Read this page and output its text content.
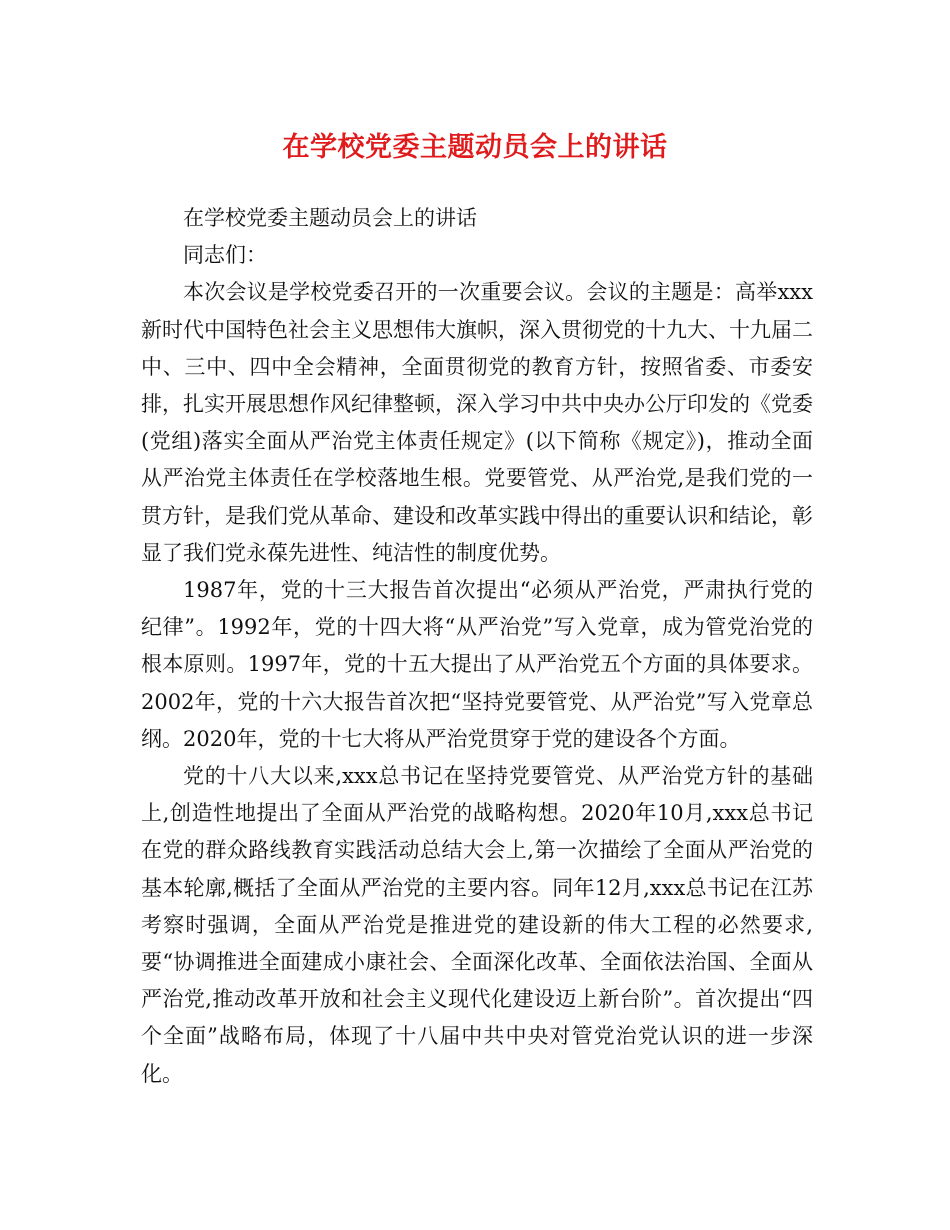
在学校党委主题动员会上的讲话

在学校党委主题动员会上的讲话

同志们：

本次会议是学校党委召开的一次重要会议。会议的主题是：高举xxx新时代中国特色社会主义思想伟大旗帜，深入贯彻党的十九大、十九届二中、三中、四中全会精神，全面贯彻党的教育方针，按照省委、市委安排，扎实开展思想作风纪律整顿，深入学习中共中央办公厅印发的《党委(党组)落实全面从严治党主体责任规定》(以下简称《规定》)，推动全面从严治党主体责任在学校落地生根。党要管党、从严治党,是我们党的一贯方针，是我们党从革命、建设和改革实践中得出的重要认识和结论，彰显了我们党永葆先进性、纯洁性的制度优势。

1987年，党的十三大报告首次提出“必须从严治党，严肃执行党的纪律”。1992年，党的十四大将“从严治党”写入党章，成为管党治党的根本原则。1997年，党的十五大提出了从严治党五个方面的具体要求。2002年，党的十六大报告首次把“坚持党要管党、从严治党”写入党章总纲。2020年，党的十七大将从严治党贯穿于党的建设各个方面。

党的十八大以来,xxx总书记在坚持党要管党、从严治党方针的基础上,创造性地提出了全面从严治党的战略构想。2020年10月,xxx总书记在党的群众路线教育实践活动总结大会上,第一次描绘了全面从严治党的基本轮廓,概括了全面从严治党的主要内容。同年12月,xxx总书记在江苏考察时强调，全面从严治党是推进党的建设新的伟大工程的必然要求,要“协调推进全面建成小康社会、全面深化改革、全面依法治国、全面从严治党,推动改革开放和社会主义现代化建设迈上新台阶”。首次提出“四个全面”战略布局，体现了十八届中共中央对管党治党认识的进一步深化。
